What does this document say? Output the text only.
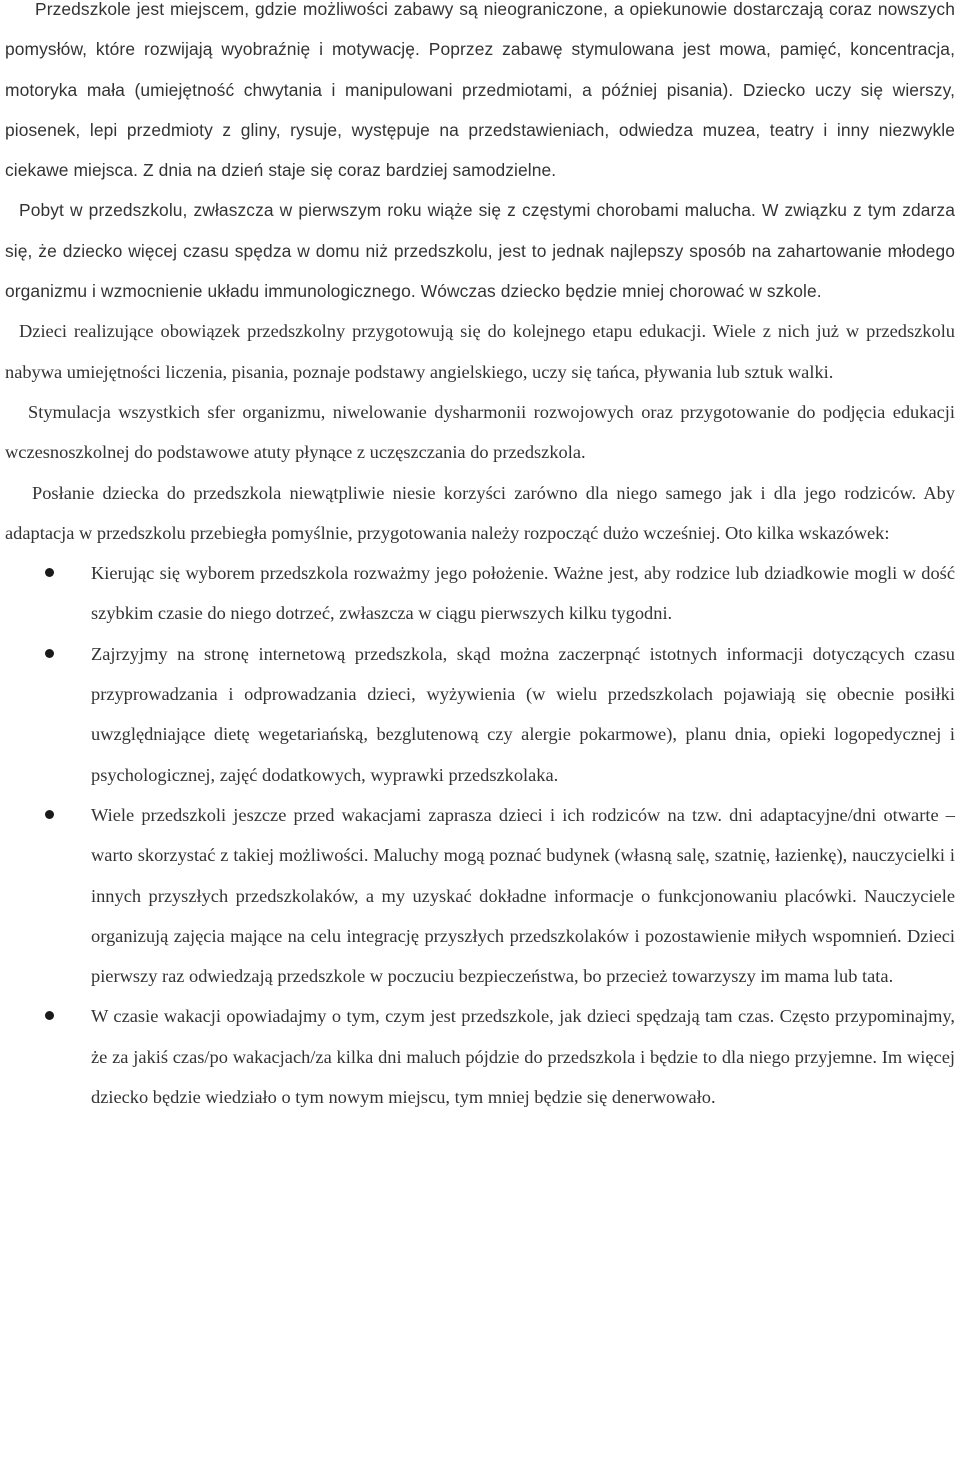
Przedszkole jest miejscem, gdzie możliwości zabawy są nieograniczone, a opiekunowie dostarczają coraz nowszych pomysłów, które rozwijają wyobraźnię i motywację. Poprzez zabawę stymulowana jest mowa, pamięć, koncentracja, motoryka mała (umiejętność chwytania i manipulowani przedmiotami, a później pisania). Dziecko uczy się wierszy, piosenek, lepi przedmioty z gliny, rysuje, występuje na przedstawieniach, odwiedza muzea, teatry i inny niezwykle ciekawe miejsca. Z dnia na dzień staje się coraz bardziej samodzielne.

Pobyt w przedszkolu, zwłaszcza w pierwszym roku wiąże się z częstymi chorobami malucha. W związku z tym zdarza się, że dziecko więcej czasu spędza w domu niż przedszkolu, jest to jednak najlepszy sposób na zahartowanie młodego organizmu i wzmocnienie układu immunologicznego. Wówczas dziecko będzie mniej chorować w szkole.

Dzieci realizujące obowiązek przedszkolny przygotowują się do kolejnego etapu edukacji. Wiele z nich już w przedszkolu nabywa umiejętności liczenia, pisania, poznaje podstawy angielskiego, uczy się tańca, pływania lub sztuk walki.

Stymulacja wszystkich sfer organizmu, niwelowanie dysharmonii rozwojowych oraz przygotowanie do podjęcia edukacji wczesnoszkolnej do podstawowe atuty płynące z uczęszczania do przedszkola.

Posłanie dziecka do przedszkola niewątpliwie niesie korzyści zarówno dla niego samego jak i dla jego rodziców. Aby adaptacja w przedszkolu przebiegła pomyślnie, przygotowania należy rozpocząć dużo wcześniej. Oto kilka wskazówek:

Kierując się wyborem przedszkola rozważmy jego położenie. Ważne jest, aby rodzice lub dziadkowie mogli w dość szybkim czasie do niego dotrzeć, zwłaszcza w ciągu pierwszych kilku tygodni.
Zajrzyjmy na stronę internetową przedszkola, skąd można zaczerpnąć istotnych informacji dotyczących czasu przyprowadzania i odprowadzania dzieci, wyżywienia (w wielu przedszkolach pojawiają się obecnie posiłki uwzględniające dietę wegetariańską, bezglutenową czy alergie pokarmowe), planu dnia, opieki logopedycznej i psychologicznej, zajęć dodatkowych, wyprawki przedszkolaka.
Wiele przedszkoli jeszcze przed wakacjami zaprasza dzieci i ich rodziców na tzw. dni adaptacyjne/dni otwarte – warto skorzystać z takiej możliwości. Maluchy mogą poznać budynek (własną salę, szatnię, łazienkę), nauczycielki i innych przyszłych przedszkolaków, a my uzyskać dokładne informacje o funkcjonowaniu placówki. Nauczyciele organizują zajęcia mające na celu integrację przyszłych przedszkolaków i pozostawienie miłych wspomnień. Dzieci pierwszy raz odwiedzają przedszkole w poczuciu bezpieczeństwa, bo przecież towarzyszy im mama lub tata.
W czasie wakacji opowiadajmy o tym, czym jest przedszkole, jak dzieci spędzają tam czas. Często przypominajmy, że za jakiś czas/po wakacjach/za kilka dni maluch pójdzie do przedszkola i będzie to dla niego przyjemne. Im więcej dziecko będzie wiedziało o tym nowym miejscu, tym mniej będzie się denerwowało.
